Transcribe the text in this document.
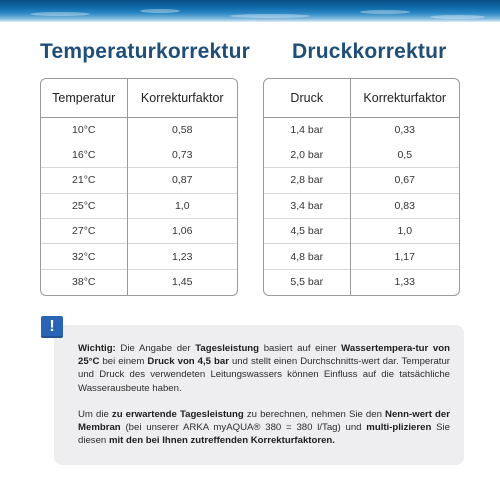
Temperaturkorrektur Druckkorrektur
Temperatur	Korrekturfaktor
10°C	0,58
16°C	0,73
21°C	0,87
25°C	1,0
27°C	1,06
32°C	1,23
38°C	1,45
Druck	Korrekturfaktor
1,4 bar	0,33
2,0 bar	0,5
2,8 bar	0,67
3,4 bar	0,83
4,5 bar	1,0
4,8 bar	1,17
5,5 bar	1,33
!

Wichtig: Die Angabe der Tagesleistung basiert auf einer Wassertempera-tur von 25°C bei einem Druck von 4,5 bar und stellt einen Durchschnitts-wert dar. Temperatur und Druck des verwendeten Leitungswassers können Einfluss auf die tatsächliche Wasserausbeute haben.

Um die zu erwartende Tagesleistung zu berechnen, nehmen Sie den Nenn-wert der Membran (bei unserer ARKA myAQUA® 380 = 380 l/Tag) und multi-plizieren Sie diesen mit den bei Ihnen zutreffenden Korrekturfaktoren.
